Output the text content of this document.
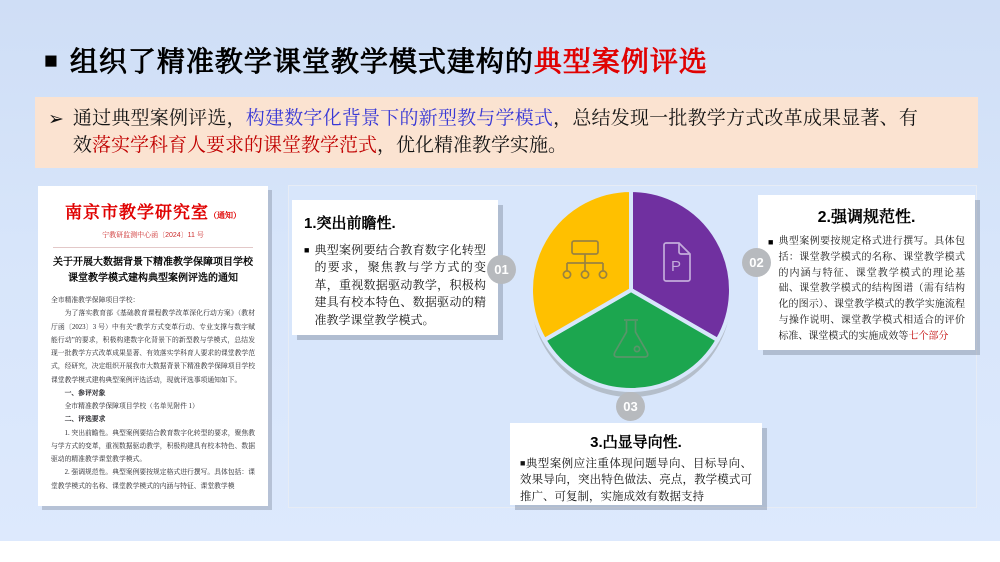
■ 组织了精准教学课堂教学模式建构的典型案例评选
➢ 通过典型案例评选，构建数字化背景下的新型教与学模式，总结发现一批教学方式改革成果显著、有效落实学科育人要求的课堂教学范式，优化精准教学实施。
南京市教学研究室（通知）
宁教研监测中心函〔2024〕11 号
关于开展大数据背景下精准教学保障项目学校课堂教学模式建构典型案例评选的通知

全市精准教学保障项目学校：

为了落实教育部《基础教育课程教学改革深化行动方案》（教材厅函〔2023〕3 号）中有关“教学方式变革行动、专业支撑与数字赋能行动”的要求，积极构建数字化背景下的新型教与学模式，总结发现一批教学方式改革成果显著、有效落实学科育人要求的课堂教学范式，经研究，决定组织开展我市大数据背景下精准教学保障项目学校课堂教学模式建构典型案例评选活动，现就评选事项通知如下。

一、参评对象

全市精准教学保障项目学校（名单见附件 1）

二、评选要求

1. 突出前瞻性。典型案例要结合教育数字化转型的要求，聚焦教与学方式的变革，重视数据驱动教学，积极构建具有校本特色、数据驱动的精准教学课堂教学模式。

2. 强调规范性。典型案例要按规定格式进行撰写。具体包括：课堂教学模式的名称、课堂教学模式的内涵与特征、课堂教学模

P
01	02
03
1.突出前瞻性.
■ 典型案例要结合教育数字化转型的要求，聚焦教与学方式的变革，重视数据驱动教学，积极构建具有校本特色、数据驱动的精准教学课堂教学模式。
2.强调规范性.
■ 典型案例要按规定格式进行撰写。具体包括：课堂教学模式的名称、课堂教学模式的内涵与特征、课堂教学模式的理论基础、课堂教学模式的结构图谱（需有结构化的图示）、课堂教学模式的教学实施流程与操作说明、课堂教学模式相适合的评价标准、课堂模式的实施成效等七个部分
3.凸显导向性.
■典型案例应注重体现问题导向、目标导向、效果导向，突出特色做法、亮点，教学模式可推广、可复制，实施成效有数据支持
